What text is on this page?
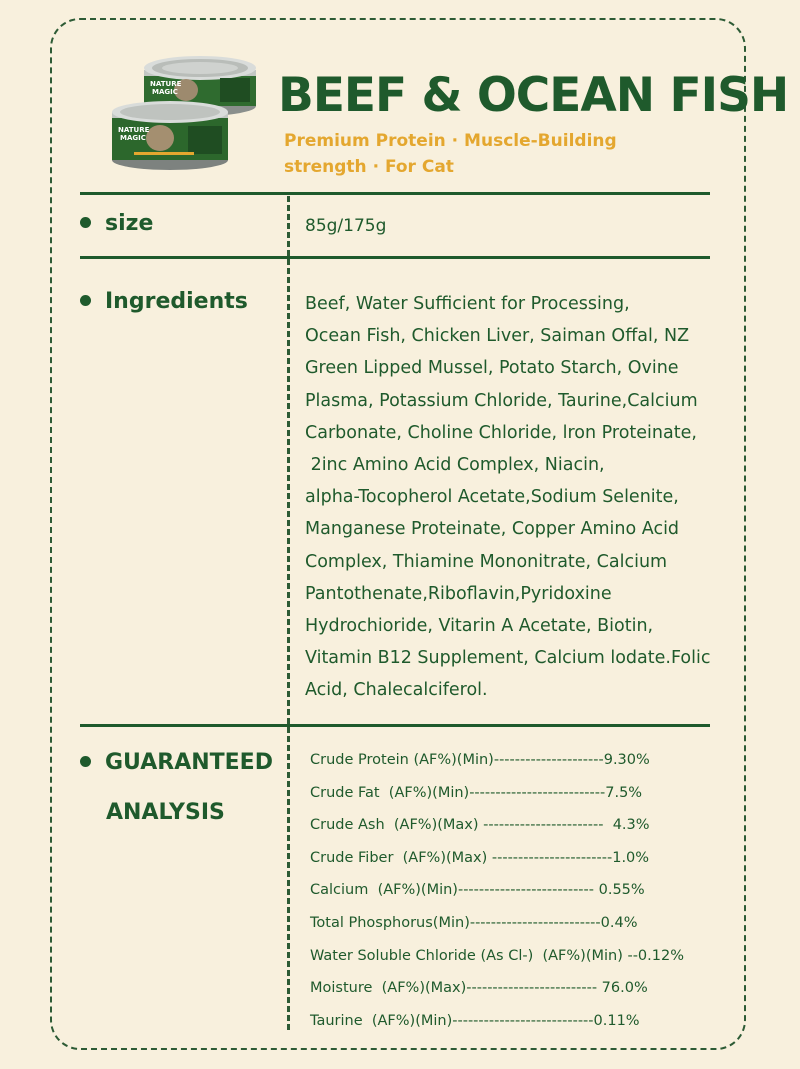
NATURE
MAGIC
NATURE
MAGIC
BEEF & OCEAN FISH
Premium Protein · Muscle-Building
strength · For Cat
size	85g/175g
Ingredients	Beef, Water Sufficient for Processing,
Ocean Fish, Chicken Liver, Saiman Offal, NZ
Green Lipped Mussel, Potato Starch, Ovine
Plasma, Potassium Chloride, Taurine,Calcium
Carbonate, Choline Chloride, lron Proteinate,
2inc Amino Acid Complex, Niacin,
alpha-Tocopherol Acetate,Sodium Selenite,
Manganese Proteinate, Copper Amino Acid
Complex, Thiamine Mononitrate, Calcium
Pantothenate,Riboflavin,Pyridoxine
Hydrochioride, Vitarin A Acetate, Biotin,
Vitamin B12 Supplement, Calcium lodate.Folic
Acid, Chalecalciferol.
GUARANTEED
ANALYSIS
Crude Protein (AF%)(Min)---------------------9.30%
Crude Fat  (AF%)(Min)--------------------------7.5%
Crude Ash  (AF%)(Max) -----------------------  4.3%
Crude Fiber  (AF%)(Max) -----------------------1.0%
Calcium  (AF%)(Min)-------------------------- 0.55%
Total Phosphorus(Min)-------------------------0.4%
Water Soluble Chloride (As Cl-)  (AF%)(Min) --0.12%
Moisture  (AF%)(Max)------------------------- 76.0%
Taurine  (AF%)(Min)---------------------------0.11%
